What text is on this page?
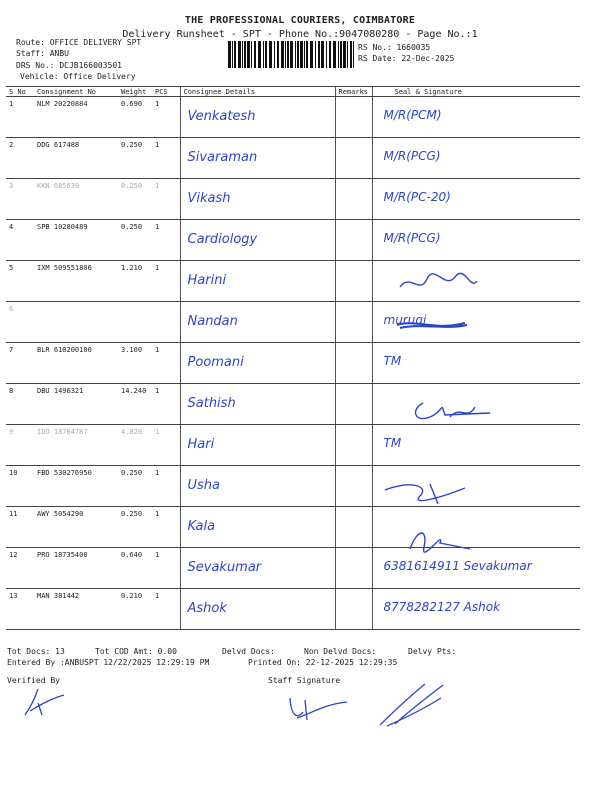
THE PROFESSIONAL COURIERS, COIMBATORE
Delivery Runsheet - SPT - Phone No.:9047080280 - Page No.:1
Route: OFFICE DELIVERY SPT
Staff: ANBU
DRS No.: DCJB166003501
Vehicle: Office Delivery
RS No.: 1660035
RS Date: 22-Dec-2025
S No	Consignment No	Weight	PCS	Consignee Details	Remarks	Seal & Signature
1	NLM 20220884	0.690	1	Venkatesh		M/R(PCM)

2	DDG 617488	0.250	1	Sivaraman		M/R(PCG)

3	KKN 685639	0.250	1	Vikash		M/R(PC-20)

4	SPB 10280489	0.250	1	Cardiology		M/R(PCG)

5	IXM 509551806	1.210	1	Harini		

6				Nandan		murugi

7	BLR 610200100	3.100	1	Poomani		TM

8	DBU 1496321	14.240	1	Sathish		

9	IDO 18784787	4.820	1	Hari		TM

10	FBD 530276950	0.250	1	Usha		

11	AWY 5054290	0.250	1	Kala		

12	PRO 18735400	0.640	1	Sevakumar		6381614911 Sevakumar

13	MAN 381442	0.210	1	Ashok		8778282127 Ashok
Tot Docs: 13	Tot COD Amt: 0.00	Delvd Docs:	Non Delvd Docs:	Delvy Pts:
Entered By :ANBUSPT 12/22/2025 12:29:19 PM	Printed On: 22-12-2025 12:29:35
Verified By	Staff Signature
